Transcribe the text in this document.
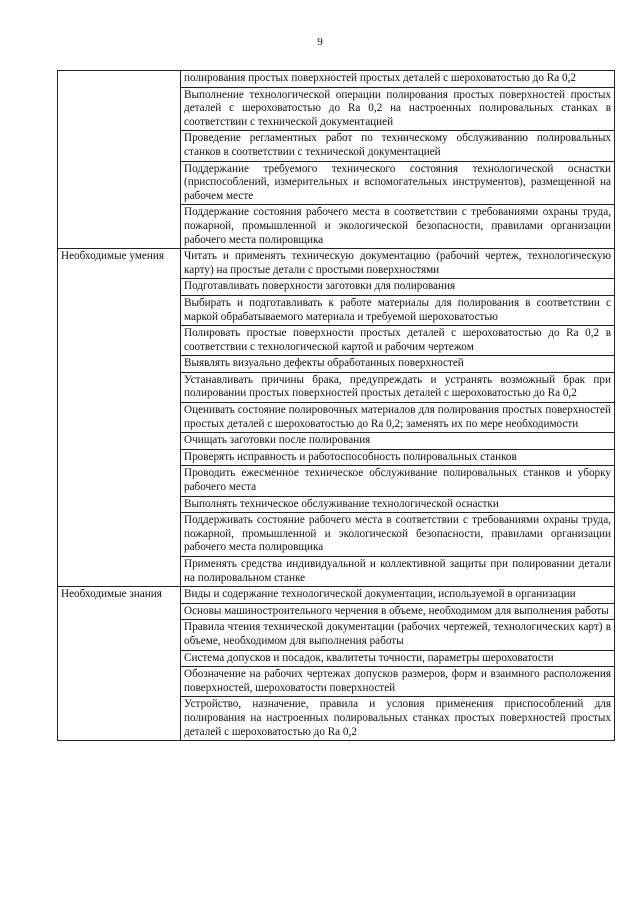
9
	полирования простых поверхностей простых деталей с шероховатостью до Ra 0,2
	Выполнение технологической операции полирования простых поверхностей простых деталей с шероховатостью до Ra 0,2 на настроенных полировальных станках в соответствии с технической документацией
	Проведение регламентных работ по техническому обслуживанию полировальных станков в соответствии с технической документацией
	Поддержание требуемого технического состояния технологической оснастки (приспособлений, измерительных и вспомогательных инструментов), размещенной на рабочем месте
	Поддержание состояния рабочего места в соответствии с требованиями охраны труда, пожарной, промышленной и экологической безопасности, правилами организации рабочего места полировщика
Необходимые умения	Читать и применять техническую документацию (рабочий чертеж, технологическую карту) на простые детали с простыми поверхностями
	Подготавливать поверхности заготовки для полирования
	Выбирать и подготавливать к работе материалы для полирования в соответствии с маркой обрабатываемого материала и требуемой шероховатостью
	Полировать простые поверхности простых деталей с шероховатостью до Ra 0,2 в соответствии с технологической картой и рабочим чертежом
	Выявлять визуально дефекты обработанных поверхностей
	Устанавливать причины брака, предупреждать и устранять возможный брак при полировании простых поверхностей простых деталей с шероховатостью до Ra 0,2
	Оценивать состояние полировочных материалов для полирования простых поверхностей простых деталей с шероховатостью до Ra 0,2; заменять их по мере необходимости
	Очищать заготовки после полирования
	Проверять исправность и работоспособность полировальных станков
	Проводить ежесменное техническое обслуживание полировальных станков и уборку рабочего места
	Выполнять техническое обслуживание технологической оснастки
	Поддерживать состояние рабочего места в соответствии с требованиями охраны труда, пожарной, промышленной и экологической безопасности, правилами организации рабочего места полировщика
	Применять средства индивидуальной и коллективной защиты при полировании детали на полировальном станке
Необходимые знания	Виды и содержание технологической документации, используемой в организации
	Основы машиностроительного черчения в объеме, необходимом для выполнения работы
	Правила чтения технической документации (рабочих чертежей, технологических карт) в объеме, необходимом для выполнения работы
	Система допусков и посадок, квалитеты точности, параметры шероховатости
	Обозначение на рабочих чертежах допусков размеров, форм и взаимного расположения поверхностей, шероховатости поверхностей
	Устройство, назначение, правила и условия применения приспособлений для полирования на настроенных полировальных станках простых поверхностей простых деталей с шероховатостью до Ra 0,2
